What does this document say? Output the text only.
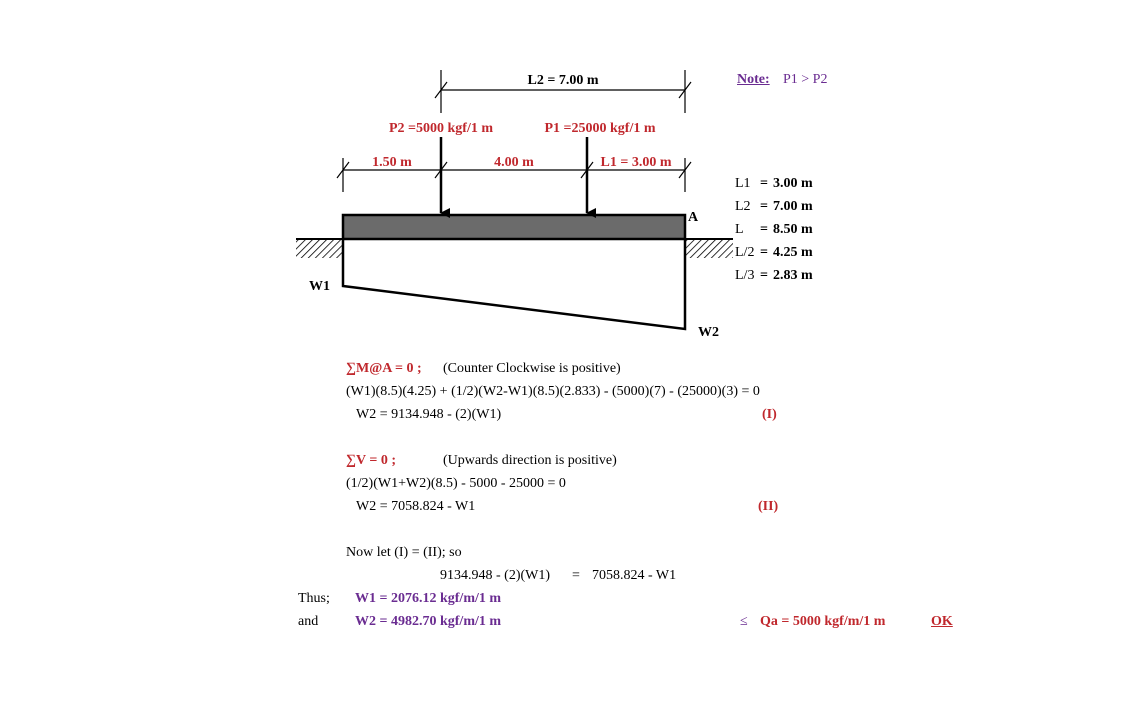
L2 = 7.00 m
P2 =5000 kgf/1 m	P1 =25000 kgf/1 m
1.50 m	4.00 m	L1 = 3.00 m
A
W1
W2
Note: P1 > P2
L1 = 3.00 m
L2 = 7.00 m
L = 8.50 m
L/2 = 4.25 m
L/3 = 2.83 m
∑M@A = 0 ; (Counter Clockwise is positive)
(W1)(8.5)(4.25) + (1/2)(W2-W1)(8.5)(2.833) - (5000)(7) - (25000)(3) = 0
W2 = 9134.948 - (2)(W1)	(I)
∑V = 0 ;	(Upwards direction is positive)
(1/2)(W1+W2)(8.5) - 5000 - 25000 = 0
W2 = 7058.824 - W1	(II)
Now let (I) = (II); so
9134.948 - (2)(W1) = 7058.824 - W1
Thus; W1 = 2076.12 kgf/m/1 m
and	W2 = 4982.70 kgf/m/1 m	≤ Qa = 5000 kgf/m/1 m	OK
